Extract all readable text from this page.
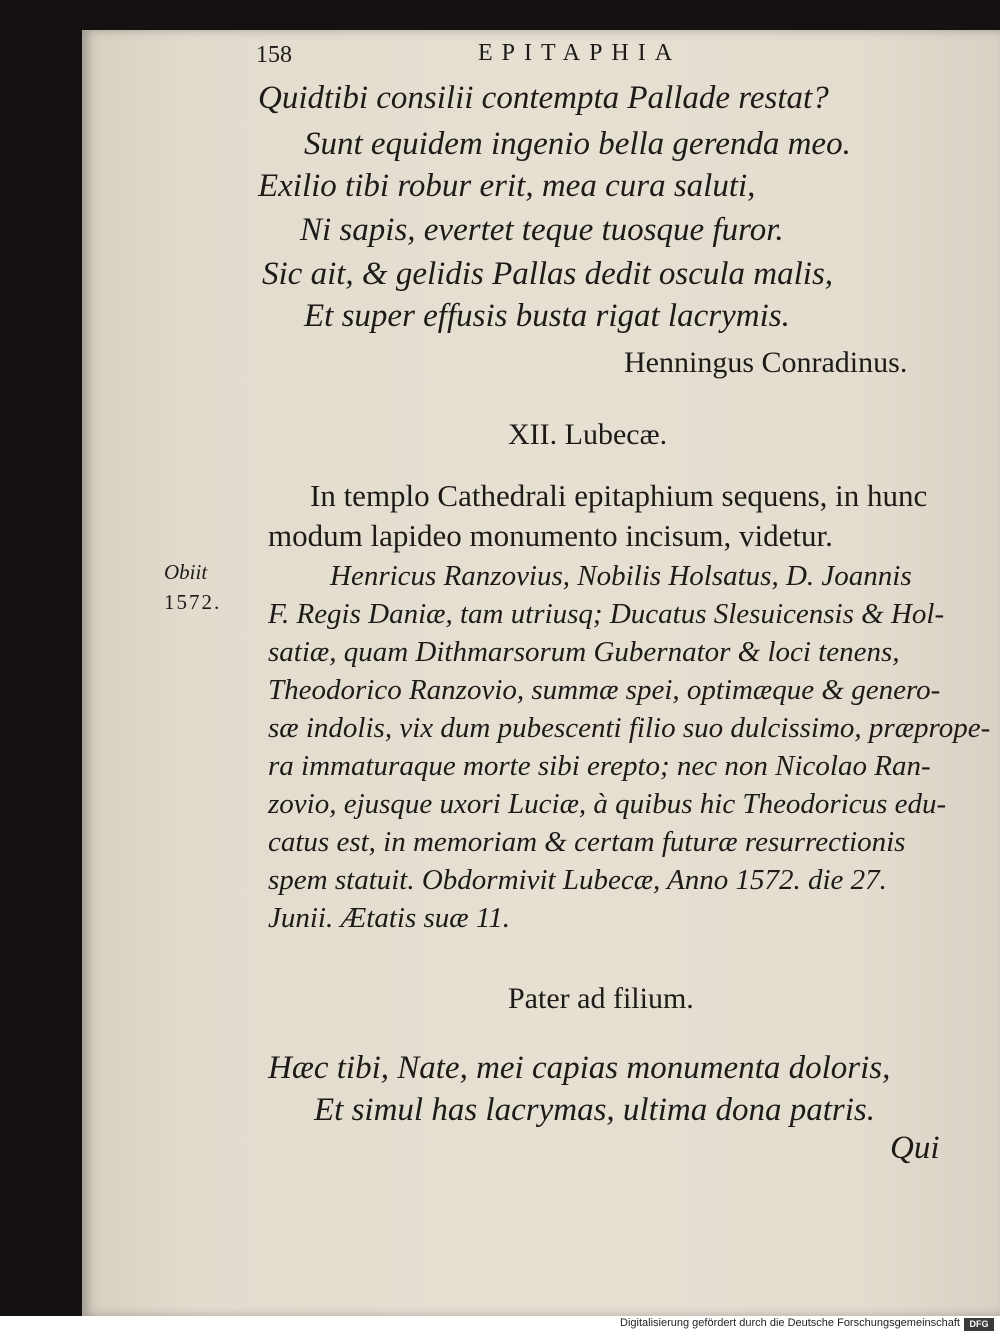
158	EPITAPHIA
Quidtibi consilii contempta Pallade restat?
Sunt equidem ingenio bella gerenda meo.
Exilio tibi robur erit, mea cura saluti,
Ni sapis, evertet teque tuosque furor.
Sic ait, & gelidis Pallas dedit oscula malis,
Et super effusis busta rigat lacrymis.
Henningus Conradinus.
XII. Lubecæ.
In templo Cathedrali epitaphium sequens, in hunc
modum lapideo monumento incisum, videtur.
Obiit
1572.
Henricus Ranzovius, Nobilis Holsatus, D. Joannis
F. Regis Daniæ, tam utriusq; Ducatus Slesuicensis & Hol-
satiæ, quam Dithmarsorum Gubernator & loci tenens,
Theodorico Ranzovio, summæ spei, optimæque & genero-
sæ indolis, vix dum pubescenti filio suo dulcissimo, præprope-
ra immaturaque morte sibi erepto; nec non Nicolao Ran-
zovio, ejusque uxori Luciæ, à quibus hic Theodoricus edu-
catus est, in memoriam & certam futuræ resurrectionis
spem statuit. Obdormivit Lubecæ, Anno 1572. die 27.
Junii. Ætatis suæ 11.
Pater ad filium.
Hæc tibi, Nate, mei capias monumenta doloris,
Et simul has lacrymas, ultima dona patris.
Qui
Digitalisierung gefördert durch die Deutsche Forschungsgemeinschaft	DFG
